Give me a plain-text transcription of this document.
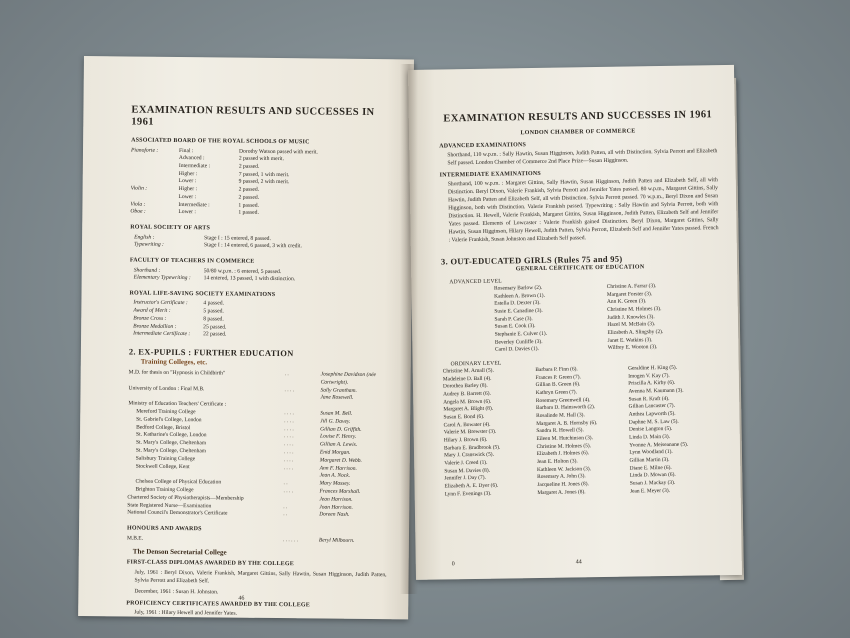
EXAMINATION RESULTS AND SUCCESSES IN 1961
ASSOCIATED BOARD OF THE ROYAL SCHOOLS OF MUSIC
Pianoforte :	Final :	Dorothy Watson passed with merit.
Advanced :	2 passed with merit.
Intermediate :	2 passed.
Higher :	7 passed, 1 with merit.
Lower :	9 passed, 2 with merit.
Violin :	Higher :	2 passed.
Lower :	2 passed.
Viola :	Intermediate :	1 passed.
Oboe :	Lower :	1 passed.
ROYAL SOCIETY OF ARTS
English :	Stage I : 15 entered, 8 passed.
Typewriting :	Stage I : 14 entered, 6 passed, 3 with credit.
FACULTY OF TEACHERS IN COMMERCE
Shorthand :	50/80 w.p.m. : 6 entered, 5 passed.
Elementary Typewriting :	14 entered, 13 passed, 1 with distinction.
ROYAL LIFE-SAVING SOCIETY EXAMINATIONS
Instructor's Certificate :	4 passed.
Award of Merit :	5 passed.
Bronze Cross :	8 passed.
Bronze Medallion :	25 passed.
Intermediate Certificate :	22 passed.
2. EX-PUPILS : FURTHER EDUCATION
Training Colleges, etc.
M.D. for thesis on "Hypnosis in Childbirth"	. .	Josephine Davidson (née Cartwright).
University of London : Final M.B.	. . . .	Sally Grantham.
Jane Rosewell.
Ministry of Education Teachers' Certificate :
Mereford Training College	. . . .	Susan M. Bell.
St. Gabriel's College, London	. . . .	Jill G. Davey.
Bedford College, Bristol	. . . .	Gillian D. Griffith.
St. Katharine's College, London	. . . .	Louise F. Henry.
St. Mary's College, Cheltenham	. . . .	Gillian A. Lewis.
St. Mary's College, Cheltenham	. . . .	Enid Morgan.
Salisbury Training College	. . . .	Margaret D. Webb.
Stockwell College, Kent	. . . .	Ann F. Harrison.
Jean A. Nock.
Chelsea College of Physical Education	. .	Mary Massey.
Brighton Training College	. . . .	Frances Marshall.
Chartered Society of Physiotherapists—Membership	Jean Harrison.
State Registered Nurse—Examination	. .	Joan Harrison.
National Council's Demonstrator's Certificate	. .	Doreen Nash.
HONOURS AND AWARDS
M.B.E.	. . . . . .	Beryl Milbourn.
The Denson Secretarial College
FIRST-CLASS DIPLOMAS AWARDED BY THE COLLEGE
July, 1961 : Beryl Dixon, Valerie Frankish, Margaret Gittins, Sally Hawtin, Susan Higginson, Judith Patten, Sylvia Perrott and Elizabeth Self.
December, 1961 : Susan H. Johnston.
PROFICIENCY CERTIFICATES AWARDED BY THE COLLEGE
July, 1961 : Hilary Hewell and Jennifer Yates.
46
EXAMINATION RESULTS AND SUCCESSES IN 1961
LONDON CHAMBER OF COMMERCE
ADVANCED EXAMINATIONS
Shorthand, 110 w.p.m. : Sally Hawtin, Susan Higginson, Judith Patten, all with Distinction. Sylvia Perrott and Elizabeth Self passed. London Chamber of Commerce 2nd Place Prize—Susan Higginson.
INTERMEDIATE EXAMINATIONS
Shorthand, 100 w.p.m. : Margaret Gittins, Sally Hawtin, Susan Higginson, Judith Patten and Elizabeth Self, all with Distinction. Beryl Dixon, Valerie Frankish, Sylvia Perrott and Jennifer Yates passed. 80 w.p.m., Margaret Gittins, Sally Hawtin, Judith Patten and Elizabeth Self, all with Distinction. Sylvia Perrott passed. 70 w.p.m., Beryl Dixon and Susan Higginson, both with Distinction. Valerie Frankish passed. Typewriting : Sally Hawtin and Sylvia Perrott, both with Distinction. H. Hewell, Valerie Frankish, Margaret Gittins, Susan Higginson, Judith Patten, Elizabeth Self and Jennifer Yates passed. Elements of Lowcaster : Valerie Frankish gained Distinction. Beryl Dixon, Margaret Gittins, Sally Hawtin, Susan Higginson, Hilary Hewell, Judith Patten, Sylvia Perrott, Elizabeth Self and Jennifer Yates passed. French : Valerie Frankish, Susan Johnston and Elizabeth Self passed.
3. OUT-EDUCATED GIRLS (Rules 75 and 95)
GENERAL CERTIFICATE OF EDUCATION
ADVANCED LEVEL
Rosemary Barlow (2).
Kathleen A. Brown (1).
Estella D. Dexter (3).
Susie E. Canadine (3).
Sarah P. Case (3).
Susan E. Cook (3).
Stephanie E. Culver (1).
Beverley Cunliffe (3).
Carol D. Davies (1).
Christine A. Farrar (3).
Margaret Forster (3).
Ann K. Green (3).
Christine M. Holmes (3).
Judith J. Knowles (3).
Hazel M. McBain (3).
Elizabeth A. Slingsby (2).
Janet E. Watkins (3).
Wilfrey E. Wooton (3).
ORDINARY LEVEL
Christine M. Arnall (5).
Madeleine D. Ball (4).
Dorothea Barley (8).
Audrey B. Barrett (6).
Angela M. Brown (6).
Margaret A. Blight (8).
Susan E. Bond (6).
Carol A. Bowater (4).
Valerie M. Brewster (3).
Hilary J. Brown (6).
Barbara E. Bradbrook (5).
Mary J. Cranswick (5).
Valerie J. Creed (1).
Susan M. Davies (8).
Jennifer J. Day (7).
Elizabeth A. E. Dyer (6).
Lynn F. Evenings (3).
Barbara P. Finn (6).
Frances P. Green (7).
Gillian B. Green (6).
Kathryn Green (7).
Rosemary Greenwell (4).
Barbara D. Hainsworth (2).
Rosalinde M. Hall (3).
Margaret A. B. Hornsby (6).
Sandra R. Howell (5).
Eileen M. Hutchinson (3).
Christine M. Holmes (5).
Elizabeth J. Holmes (6).
Jean E. Holton (3).
Kathleen W. Jackson (3).
Rosemary A. John (3).
Jacqueline H. Jones (8).
Margaret A. Jones (8).
Geraldine H. King (5).
Imogen V. Kay (7).
Priscilla A. Kirby (6).
Avenna M. Kaumann (3).
Susan R. Kraft (4).
Gillian Lancaster (7).
Anthea Lapworth (5).
Daphne M. S. Law (5).
Denise Langton (5).
Linda D. Main (3).
Yvonne A. Meiseanane (5).
Lynn Woodland (1).
Gillian Martin (3).
Diane E. Milne (6).
Linda D. Mowan (6).
Susan J. Mackay (3).
Jean E. Meyer (3).
0	44
